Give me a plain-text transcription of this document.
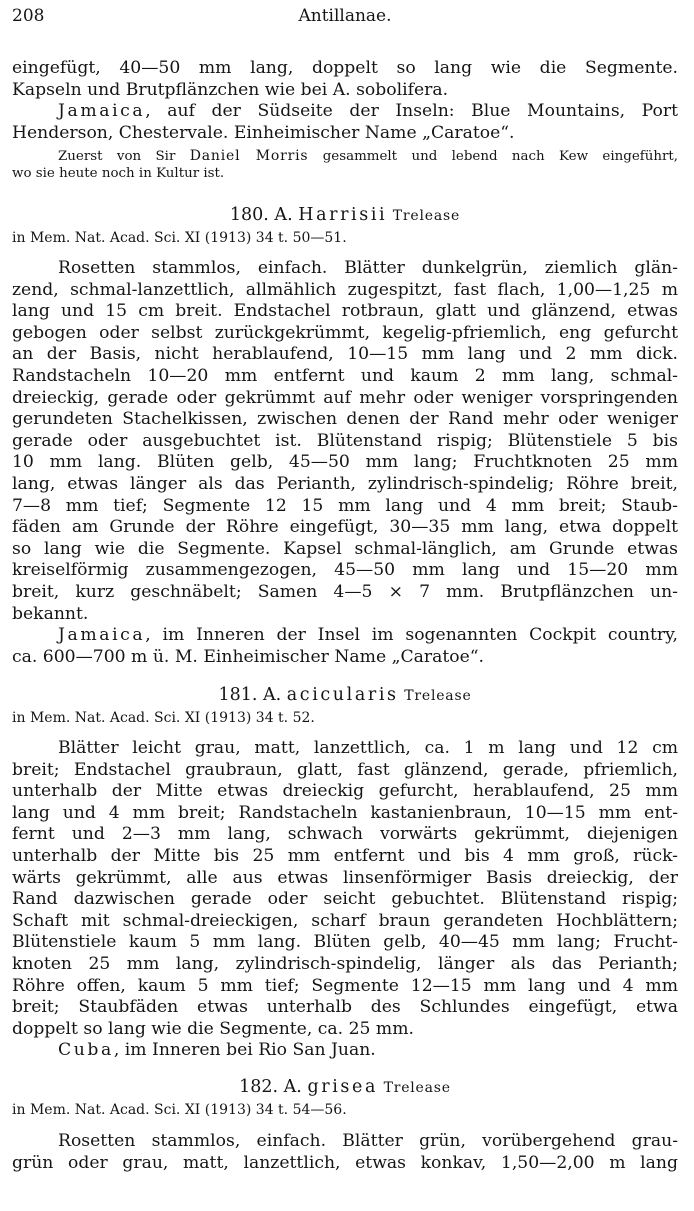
208	Antillanae.
eingefügt, 40—50 mm lang, doppelt so lang wie die Segmente.
Kapseln und Brutpflänzchen wie bei A. sobolifera.
Jamaica, auf der Südseite der Inseln: Blue Mountains, Port
Henderson, Chestervale. Einheimischer Name „Caratoe“.
Zuerst von Sir Daniel Morris gesammelt und lebend nach Kew eingeführt,
wo sie heute noch in Kultur ist.
180. A. Harrisii Trelease
in Mem. Nat. Acad. Sci. XI (1913) 34 t. 50—51.
Rosetten stammlos, einfach. Blätter dunkelgrün, ziemlich glän-
zend, schmal-lanzettlich, allmählich zugespitzt, fast flach, 1,00—1,25 m
lang und 15 cm breit. Endstachel rotbraun, glatt und glänzend, etwas
gebogen oder selbst zurückgekrümmt, kegelig-pfriemlich, eng gefurcht
an der Basis, nicht herablaufend, 10—15 mm lang und 2 mm dick.
Randstacheln 10—20 mm entfernt und kaum 2 mm lang, schmal-
dreieckig, gerade oder gekrümmt auf mehr oder weniger vorspringenden
gerundeten Stachelkissen, zwischen denen der Rand mehr oder weniger
gerade oder ausgebuchtet ist. Blütenstand rispig; Blütenstiele 5 bis
10 mm lang. Blüten gelb, 45—50 mm lang; Fruchtknoten 25 mm
lang, etwas länger als das Perianth, zylindrisch-spindelig; Röhre breit,
7—8 mm tief; Segmente 12 15 mm lang und 4 mm breit; Staub-
fäden am Grunde der Röhre eingefügt, 30—35 mm lang, etwa doppelt
so lang wie die Segmente. Kapsel schmal-länglich, am Grunde etwas
kreiselförmig zusammengezogen, 45—50 mm lang und 15—20 mm
breit, kurz geschnäbelt; Samen 4—5 × 7 mm. Brutpflänzchen un-
bekannt.
Jamaica, im Inneren der Insel im sogenannten Cockpit country,
ca. 600—700 m ü. M. Einheimischer Name „Caratoe“.
181. A. acicularis Trelease
in Mem. Nat. Acad. Sci. XI (1913) 34 t. 52.
Blätter leicht grau, matt, lanzettlich, ca. 1 m lang und 12 cm
breit; Endstachel graubraun, glatt, fast glänzend, gerade, pfriemlich,
unterhalb der Mitte etwas dreieckig gefurcht, herablaufend, 25 mm
lang und 4 mm breit; Randstacheln kastanienbraun, 10—15 mm ent-
fernt und 2—3 mm lang, schwach vorwärts gekrümmt, diejenigen
unterhalb der Mitte bis 25 mm entfernt und bis 4 mm groß, rück-
wärts gekrümmt, alle aus etwas linsenförmiger Basis dreieckig, der
Rand dazwischen gerade oder seicht gebuchtet. Blütenstand rispig;
Schaft mit schmal-dreieckigen, scharf braun gerandeten Hochblättern;
Blütenstiele kaum 5 mm lang. Blüten gelb, 40—45 mm lang; Frucht-
knoten 25 mm lang, zylindrisch-spindelig, länger als das Perianth;
Röhre offen, kaum 5 mm tief; Segmente 12—15 mm lang und 4 mm
breit; Staubfäden etwas unterhalb des Schlundes eingefügt, etwa
doppelt so lang wie die Segmente, ca. 25 mm.
Cuba, im Inneren bei Rio San Juan.
182. A. grisea Trelease
in Mem. Nat. Acad. Sci. XI (1913) 34 t. 54—56.
Rosetten stammlos, einfach. Blätter grün, vorübergehend grau-
grün oder grau, matt, lanzettlich, etwas konkav, 1,50—2,00 m lang
